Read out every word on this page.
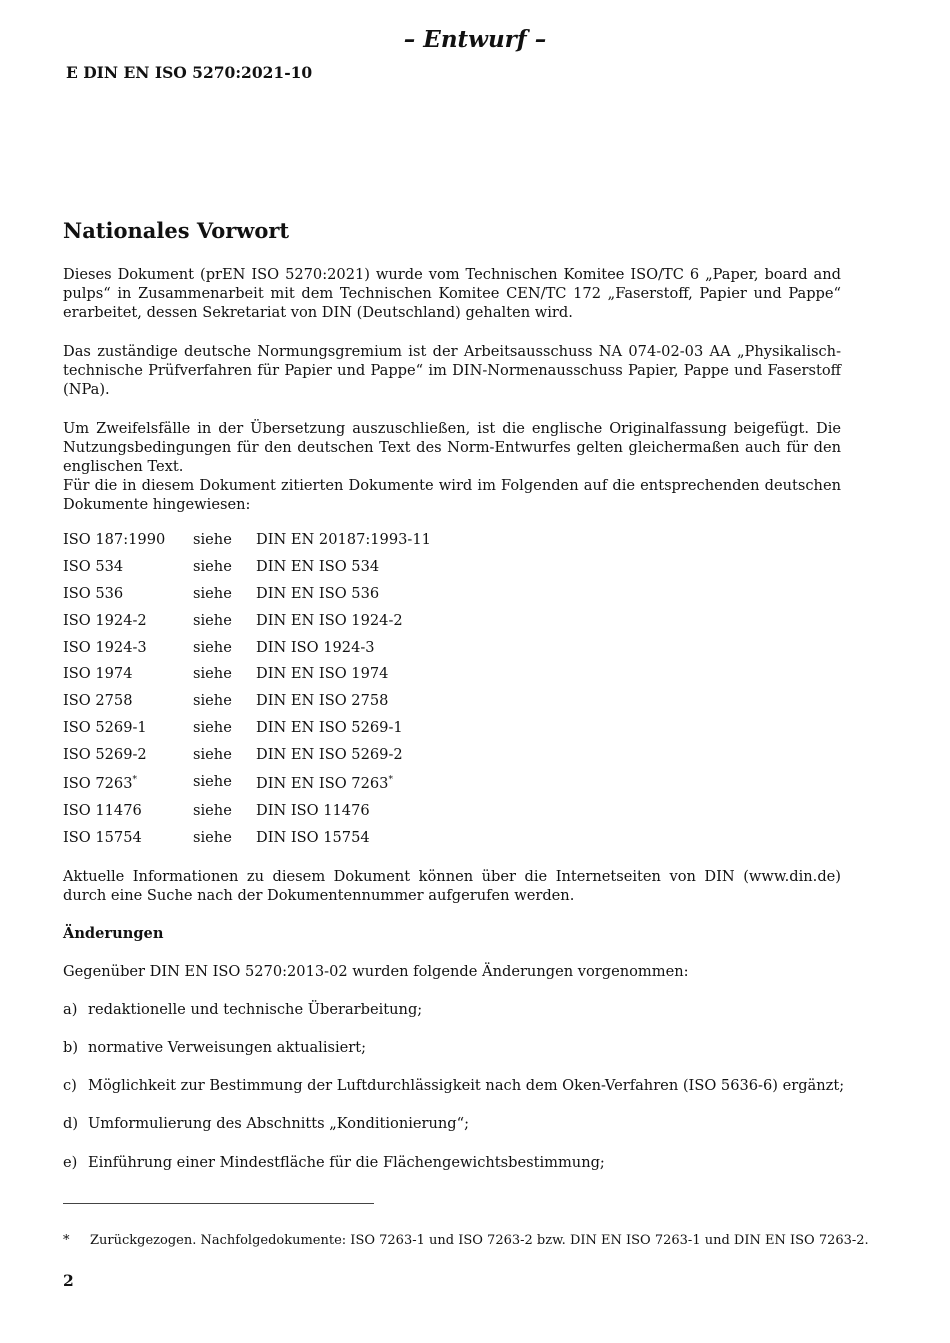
– Entwurf –
E DIN EN ISO 5270:2021-10
Nationales Vorwort
Dieses Dokument (prEN ISO 5270:2021) wurde vom Technischen Komitee ISO/TC 6 „Paper, board and pulps“ in Zusammenarbeit mit dem Technischen Komitee CEN/TC 172 „Faserstoff, Papier und Pappe“ erarbeitet, dessen Sekretariat von DIN (Deutschland) gehalten wird.
Das zuständige deutsche Normungsgremium ist der Arbeitsausschuss NA 074-02-03 AA „Physikalisch-technische Prüfverfahren für Papier und Pappe“ im DIN-Normenausschuss Papier, Pappe und Faserstoff (NPa).
Um Zweifelsfälle in der Übersetzung auszuschließen, ist die englische Originalfassung beigefügt. Die Nutzungsbedingungen für den deutschen Text des Norm-Entwurfes gelten gleichermaßen auch für den englischen Text.
Für die in diesem Dokument zitierten Dokumente wird im Folgenden auf die entsprechenden deutschen Dokumente hingewiesen:
ISO 187:1990 siehe DIN EN 20187:1993-11
ISO 534	siehe DIN EN ISO 534
ISO 536	siehe DIN EN ISO 536
ISO 1924-2	siehe DIN EN ISO 1924-2
ISO 1924-3	siehe DIN ISO 1924-3
ISO 1974	siehe DIN EN ISO 1974
ISO 2758	siehe DIN EN ISO 2758
ISO 5269-1	siehe DIN EN ISO 5269-1
ISO 5269-2	siehe DIN EN ISO 5269-2
ISO 7263*	siehe DIN EN ISO 7263*
ISO 11476	siehe DIN ISO 11476
ISO 15754	siehe DIN ISO 15754
Aktuelle Informationen zu diesem Dokument können über die Internetseiten von DIN (www.din.de) durch eine Suche nach der Dokumentennummer aufgerufen werden.
Änderungen
Gegenüber DIN EN ISO 5270:2013-02 wurden folgende Änderungen vorgenommen:
a) redaktionelle und technische Überarbeitung;
b) normative Verweisungen aktualisiert;
c) Möglichkeit zur Bestimmung der Luftdurchlässigkeit nach dem Oken-Verfahren (ISO 5636-6) ergänzt;
d) Umformulierung des Abschnitts „Konditionierung“;
e) Einführung einer Mindestfläche für die Flächengewichtsbestimmung;
* Zurückgezogen. Nachfolgedokumente: ISO 7263-1 und ISO 7263-2 bzw. DIN EN ISO 7263-1 und DIN EN ISO 7263-2.
2
